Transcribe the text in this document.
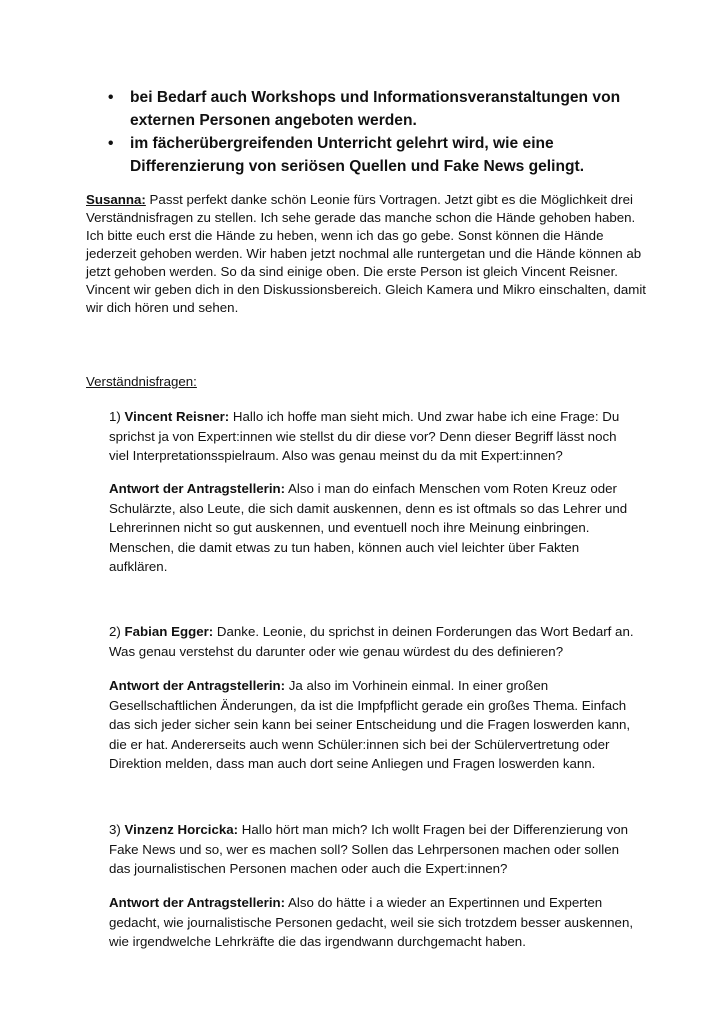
• bei Bedarf auch Workshops und Informationsveranstaltungen von externen Personen angeboten werden.
• im fächerübergreifenden Unterricht gelehrt wird, wie eine Differenzierung von seriösen Quellen und Fake News gelingt.

Susanna: Passt perfekt danke schön Leonie fürs Vortragen. Jetzt gibt es die Möglichkeit drei Verständnisfragen zu stellen. Ich sehe gerade das manche schon die Hände gehoben haben. Ich bitte euch erst die Hände zu heben, wenn ich das go gebe. Sonst können die Hände jederzeit gehoben werden. Wir haben jetzt nochmal alle runtergetan und die Hände können ab jetzt gehoben werden. So da sind einige oben. Die erste Person ist gleich Vincent Reisner. Vincent wir geben dich in den Diskussionsbereich. Gleich Kamera und Mikro einschalten, damit wir dich hören und sehen.

Verständnisfragen:

1) Vincent Reisner: Hallo ich hoffe man sieht mich. Und zwar habe ich eine Frage: Du sprichst ja von Expert:innen wie stellst du dir diese vor? Denn dieser Begriff lässt noch viel Interpretationsspielraum. Also was genau meinst du da mit Expert:innen?

Antwort der Antragstellerin: Also i man do einfach Menschen vom Roten Kreuz oder Schulärzte, also Leute, die sich damit auskennen, denn es ist oftmals so das Lehrer und Lehrerinnen nicht so gut auskennen, und eventuell noch ihre Meinung einbringen. Menschen, die damit etwas zu tun haben, können auch viel leichter über Fakten aufklären.

2) Fabian Egger: Danke. Leonie, du sprichst in deinen Forderungen das Wort Bedarf an. Was genau verstehst du darunter oder wie genau würdest du des definieren?

Antwort der Antragstellerin: Ja also im Vorhinein einmal. In einer großen Gesellschaftlichen Änderungen, da ist die Impfpflicht gerade ein großes Thema. Einfach das sich jeder sicher sein kann bei seiner Entscheidung und die Fragen loswerden kann, die er hat. Andererseits auch wenn Schüler:innen sich bei der Schülervertretung oder Direktion melden, dass man auch dort seine Anliegen und Fragen loswerden kann.

3) Vinzenz Horcicka: Hallo hört man mich? Ich wollt Fragen bei der Differenzierung von Fake News und so, wer es machen soll? Sollen das Lehrpersonen machen oder sollen das journalistischen Personen machen oder auch die Expert:innen?

Antwort der Antragstellerin: Also do hätte i a wieder an Expertinnen und Experten gedacht, wie journalistische Personen gedacht, weil sie sich trotzdem besser auskennen, wie irgendwelche Lehrkräfte die das irgendwann durchgemacht haben.
